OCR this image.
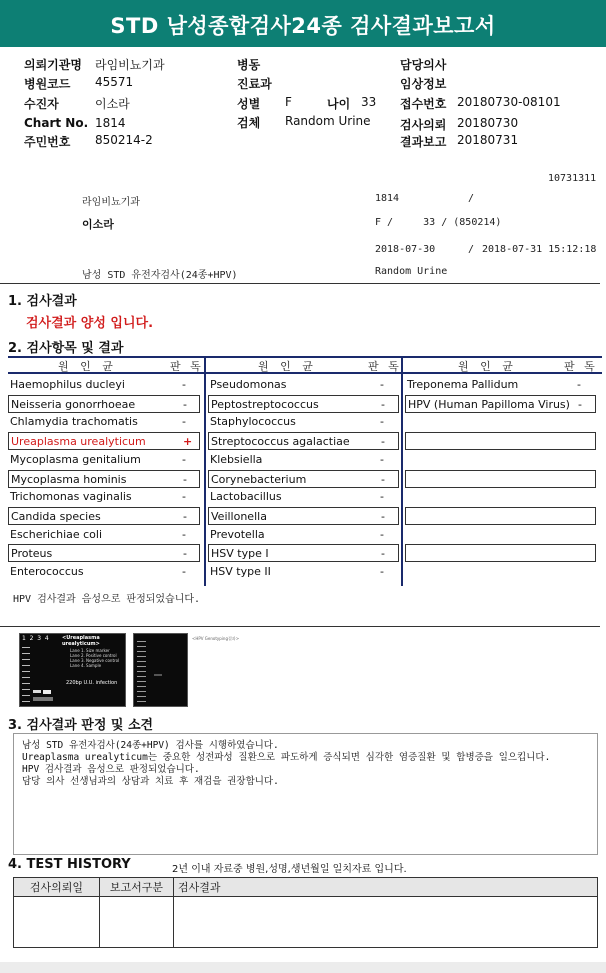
STD 남성종합검사24종 검사결과보고서
의뢰기관명 라임비뇨기과
병원코드 45571
수진자	이소라
Chart No. 1814
주민번호 850214-2
병동
진료과
성별 F	나이 33
검체 Random Urine
담당의사
임상정보
접수번호 20180730-08101
검사의뢰 20180730
결과보고 20180731
10731311
라임비뇨기과	1814	/
이소라	F /     33 / (850214)
2018-07-30	/ 2018-07-31 15:12:18
남성 STD 유전자검사(24종+HPV)	Random Urine
1. 검사결과
검사결과 양성 입니다.
2. 검사항목 및 결과
원 인 균	판 독	원 인 균	판 독	원 인 균	판 독
Haemophilus ducleyi	-
Neisseria gonorrhoeae	-
Chlamydia trachomatis	-
Ureaplasma urealyticum	+
Mycoplasma genitalium	-
Mycoplasma hominis	-
Trichomonas vaginalis	-
Candida species	-
Escherichiae coli	-
Proteus	-
Enterococcus	-
Pseudomonas	-
Peptostreptococcus	-
Staphylococcus	-
Streptococcus agalactiae	-
Klebsiella	-
Corynebacterium	-
Lactobacillus	-
Veillonella	-
Prevotella	-
HSV type I	-
HSV type II	-
Treponema Pallidum	-
HPV (Human Papilloma Virus) -
HPV 검사결과 음성으로 판정되었습니다.
1  2  3  4	<Ureaplasma urealyticum>
Lane 1. Size marker
Lane 2. Positive control
Lane 3. Negative control
Lane 4. Sample
220bp U.U. infection
<HPV Genotyping결과>
3. 검사결과 판정 및 소견
남성 STD 유전자검사(24종+HPV) 검사를 시행하였습니다.
Ureaplasma urealyticum는 중요한 성전파성 질환으로 파도하게 증식되면 심각한 염증질환 및 합병증을 일으킵니다.
HPV 검사결과 음성으로 판정되었습니다.
담당 의사 선생님과의 상담과 치료 후 재검을 권장합니다.
4. TEST HISTORY	2년 이내 자료중 병원,성명,생년월일 일치자료 입니다.
검사의뢰일	보고서구분	검사결과
